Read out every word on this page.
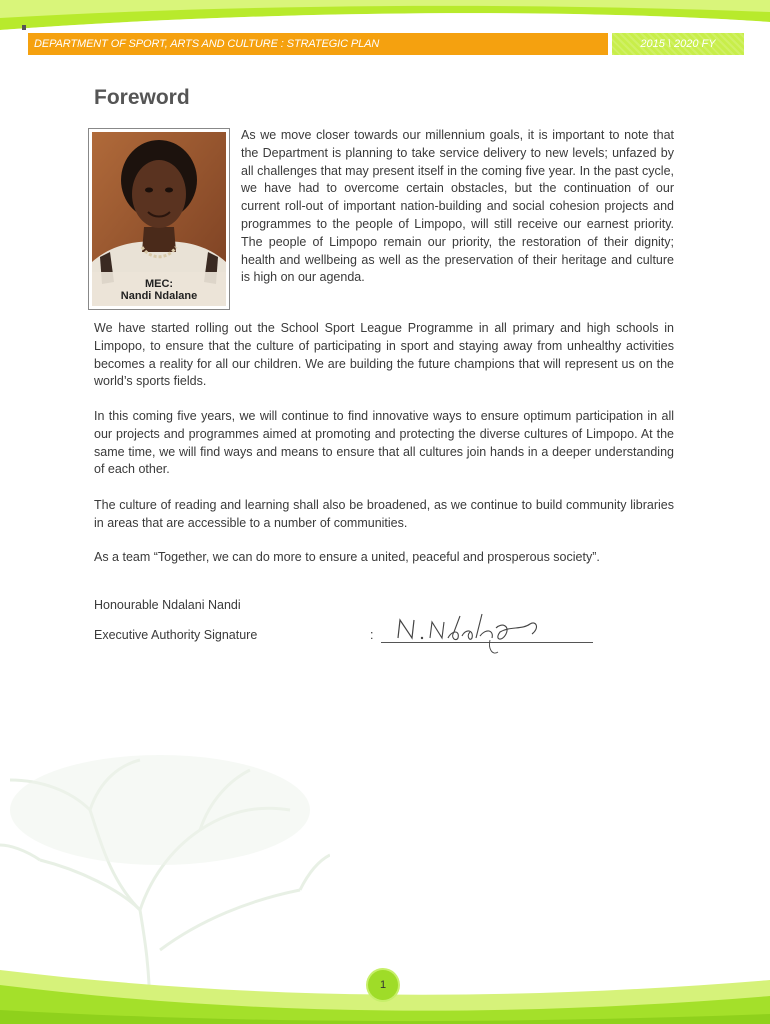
DEPARTMENT OF SPORT, ARTS AND CULTURE : STRATEGIC PLAN	2015 \ 2020 FY
Foreword
MEC:
Nandi Ndalane

As we move closer towards our millennium goals, it is important to note that the Department is planning to take service delivery to new levels; unfazed by all challenges that may present itself in the coming five year. In the past cycle, we have had to overcome certain obstacles, but the continuation of our current roll-out of important nation-building and social cohesion projects and programmes to the people of Limpopo, will still receive our earnest priority. The people of Limpopo remain our priority, the restoration of their dignity; health and wellbeing as well as the preservation of their heritage and culture is high on our agenda.

We have started rolling out the School Sport League Programme in all primary and high schools in Limpopo, to ensure that the culture of participating in sport and staying away from unhealthy activities becomes a reality for all our children. We are building the future champions that will represent us on the world’s sports fields.

In this coming five years, we will continue to find innovative ways to ensure optimum participation in all our projects and programmes aimed at promoting and protecting the diverse cultures of Limpopo. At the same time, we will find ways and means to ensure that all cultures join hands in a deeper understanding of each other.

The culture of reading and learning shall also be broadened, as we continue to build community libraries in areas that are accessible to a number of communities.

As a team “Together, we can do more to ensure a united, peaceful and prosperous society”.

Honourable Ndalani Nandi
Executive Authority Signature	:
1
